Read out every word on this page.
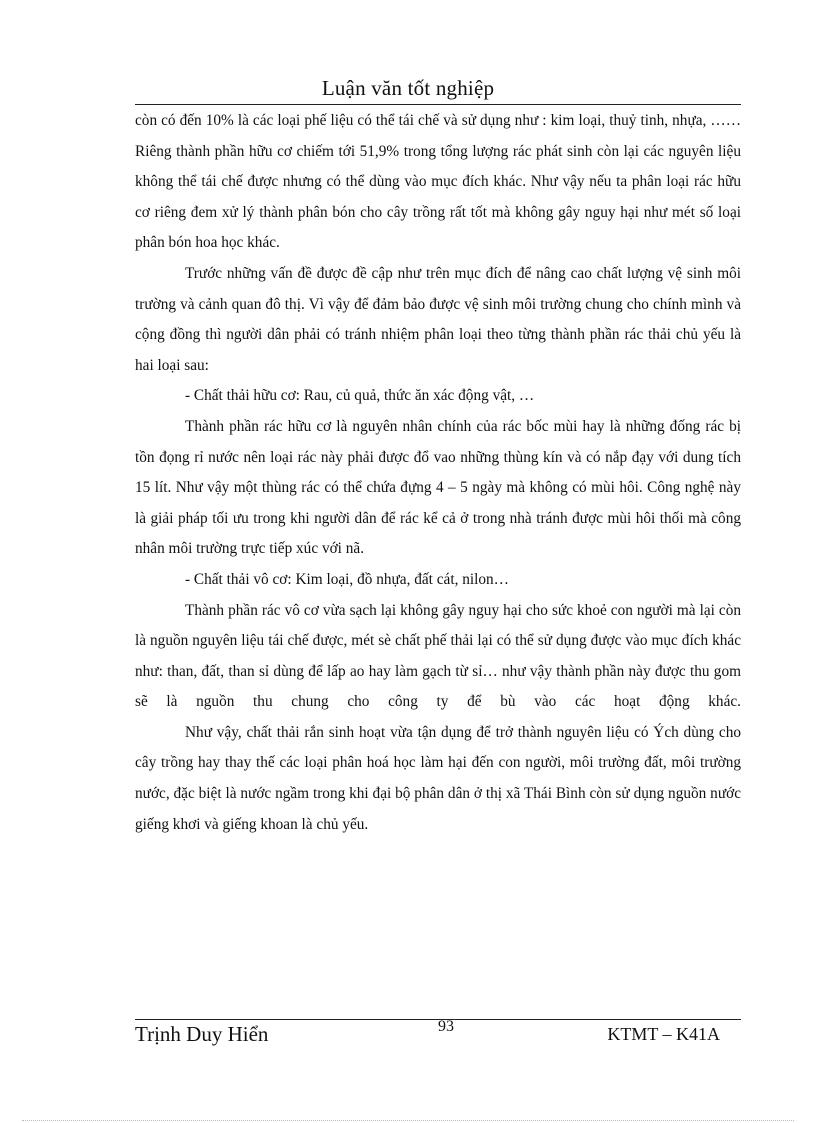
Luận văn tốt nghiệp

còn có đến 10% là các loại phế liệu có thể tái chế và sử dụng như : kim loại, thuỷ tinh, nhựa, …… Riêng thành phần hữu cơ chiếm tới 51,9% trong tổng lượng rác phát sinh còn lại các nguyên liệu không thể tái chế được nhưng có thể dùng vào mục đích khác. Như vậy nếu ta phân loại rác hữu cơ riêng đem xử lý thành phân bón cho cây trồng rất tốt mà không gây nguy hại như mét số loại phân bón hoa học khác.

Trước những vấn đề được đề cập như trên mục đích để nâng cao chất lượng vệ sinh môi trường và cảnh quan đô thị. Vì vậy để đảm bảo được vệ sinh môi trường chung cho chính mình và cộng đồng thì người dân phải có tránh nhiệm phân loại theo từng thành phần rác thải chủ yếu là hai loại sau:

- Chất thải hữu cơ: Rau, củ quả, thức ăn xác động vật, …

Thành phần rác hữu cơ là nguyên nhân chính của rác bốc mùi hay là những đống rác bị tồn đọng rỉ nước nên loại rác này phải được đổ vao những thùng kín và có nắp đạy với dung tích 15 lít. Như vậy một thùng rác có thể chứa đựng 4 – 5 ngày mà không có mùi hôi. Công nghệ này là giải pháp tối ưu trong khi người dân để rác kể cả ở trong nhà tránh được mùi hôi thối mà công nhân môi trường trực tiếp xúc với nã.

- Chất thải vô cơ: Kim loại, đồ nhựa, đất cát, nilon…

Thành phần rác vô cơ vừa sạch lại không gây nguy hại cho sức khoẻ con người mà lại còn là nguồn nguyên liệu tái chế được, mét sè chất phế thải lại có thể sử dụng được vào mục đích khác như: than, đất, than sỉ dùng để lấp ao hay làm gạch từ sỉ… như vậy thành phần này được thu gom sẽ là nguồn thu chung cho công ty để bù vào các hoạt động khác.

Như vậy, chất thải rắn sinh hoạt vừa tận dụng để trở thành nguyên liệu có Ých dùng cho cây trồng hay thay thế các loại phân hoá học làm hại đến con người, môi trường đất, môi trường nước, đặc biệt là nước ngầm trong khi đại bộ phân dân ở thị xã Thái Bình còn sử dụng nguồn nước giếng khơi và giếng khoan là chủ yếu.

Trịnh Duy Hiển	93	KTMT – K41A
